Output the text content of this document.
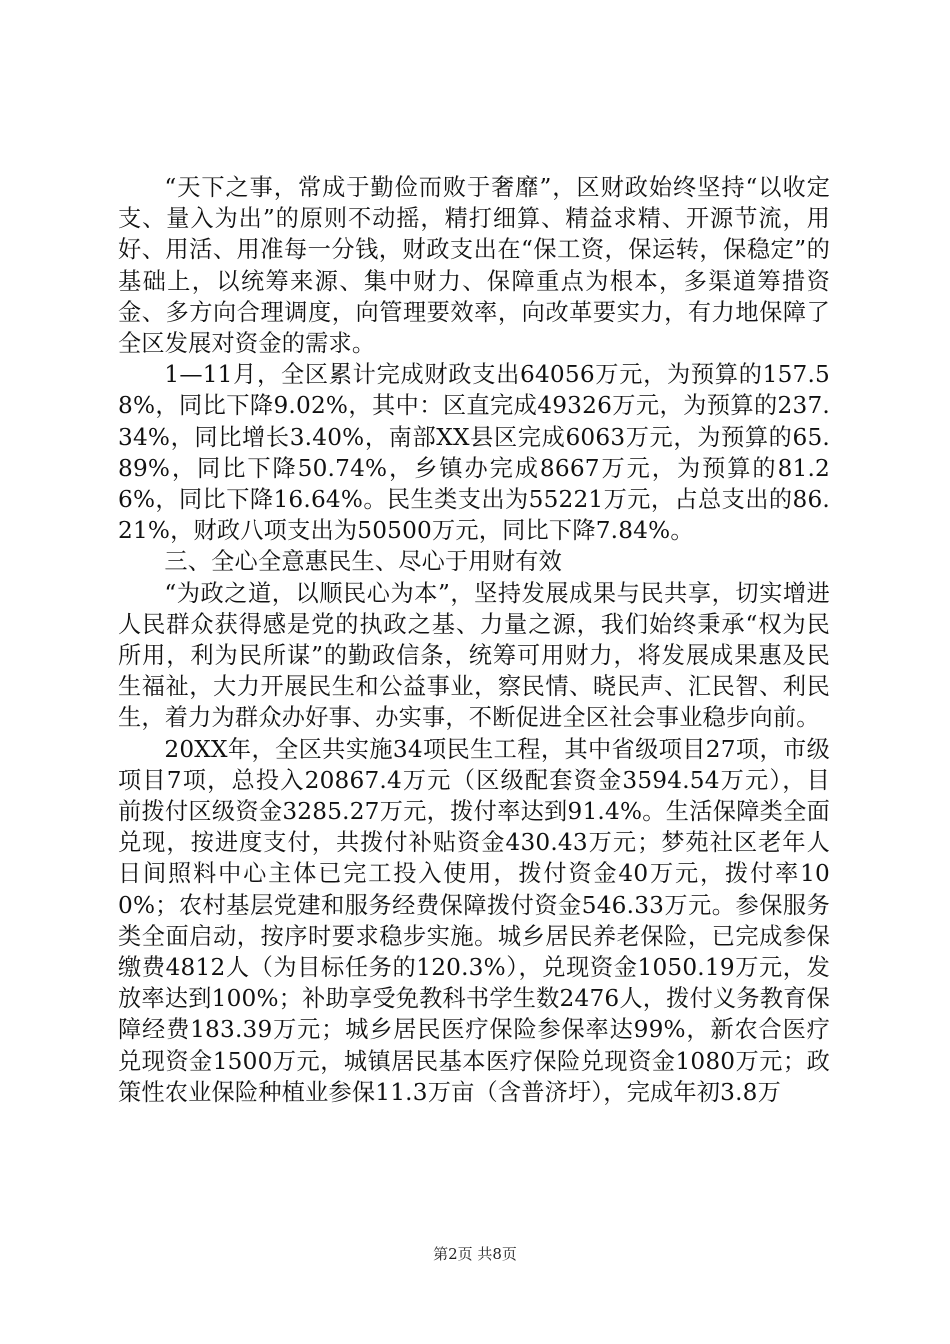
“天下之事，常成于勤俭而败于奢靡”，区财政始终坚持“以收定支、量入为出”的原则不动摇，精打细算、精益求精、开源节流，用好、用活、用准每一分钱，财政支出在“保工资，保运转，保稳定”的基础上，以统筹来源、集中财力、保障重点为根本，多渠道筹措资金、多方向合理调度，向管理要效率，向改革要实力，有力地保障了全区发展对资金的需求。

1—11月，全区累计完成财政支出64056万元，为预算的157.58%，同比下降9.02%，其中：区直完成49326万元，为预算的237.34%，同比增长3.40%，南部XX县区完成6063万元，为预算的65.89%，同比下降50.74%，乡镇办完成8667万元，为预算的81.26%，同比下降16.64%。民生类支出为55221万元，占总支出的86.21%，财政八项支出为50500万元，同比下降7.84%。

三、全心全意惠民生、尽心于用财有效

“为政之道，以顺民心为本”，坚持发展成果与民共享，切实增进人民群众获得感是党的执政之基、力量之源，我们始终秉承“权为民所用，利为民所谋”的勤政信条，统筹可用财力，将发展成果惠及民生福祉，大力开展民生和公益事业，察民情、晓民声、汇民智、利民生，着力为群众办好事、办实事，不断促进全区社会事业稳步向前。

20XX年，全区共实施34项民生工程，其中省级项目27项，市级项目7项，总投入20867.4万元（区级配套资金3594.54万元），目前拨付区级资金3285.27万元，拨付率达到91.4%。生活保障类全面兑现，按进度支付，共拨付补贴资金430.43万元；梦苑社区老年人日间照料中心主体已完工投入使用，拨付资金40万元，拨付率100%；农村基层党建和服务经费保障拨付资金546.33万元。参保服务类全面启动，按序时要求稳步实施。城乡居民养老保险，已完成参保缴费4812人（为目标任务的120.3%），兑现资金1050.19万元，发放率达到100%；补助享受免教科书学生数2476人，拨付义务教育保障经费183.39万元；城乡居民医疗保险参保率达99%，新农合医疗兑现资金1500万元，城镇居民基本医疗保险兑现资金1080万元；政策性农业保险种植业参保11.3万亩（含普济圩），完成年初3.8万

第2页 共8页
